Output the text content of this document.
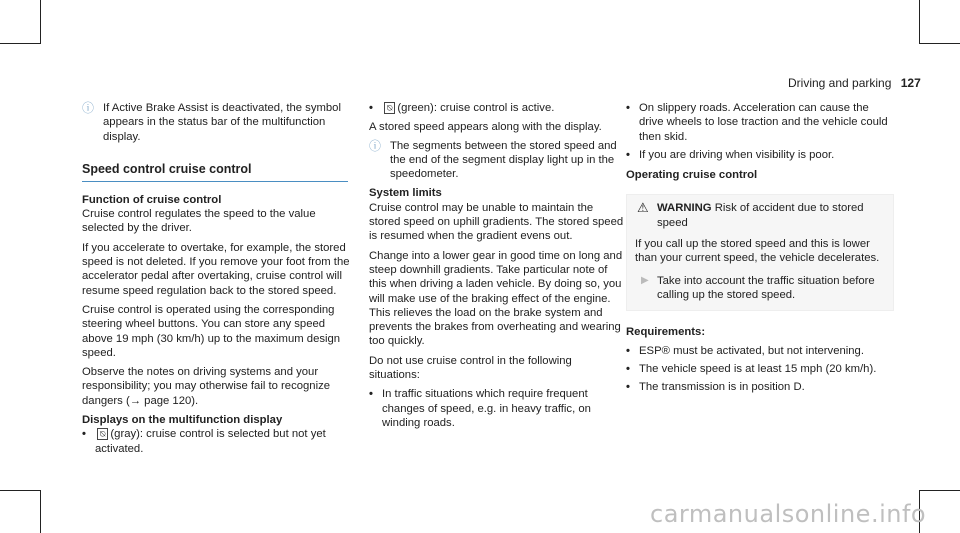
Driving and parking 127
ⓘ If Active Brake Assist is deactivated, the symbol appears in the status bar of the multifunction display.
Speed control cruise control
Function of cruise control

Cruise control regulates the speed to the value selected by the driver.

If you accelerate to overtake, for example, the stored speed is not deleted. If you remove your foot from the accelerator pedal after overtaking, cruise control will resume speed regulation back to the stored speed.

Cruise control is operated using the corresponding steering wheel buttons. You can store any speed above 19 mph (30 km/h) up to the maximum design speed.

Observe the notes on driving systems and your responsibility; you may otherwise fail to recognize dangers (→ page 120).

Displays on the multifunction display
• ⍉ (gray): cruise control is selected but not yet activated.
• ⍉ (green): cruise control is active.

A stored speed appears along with the display.

ⓘ The segments between the stored speed and the end of the segment display light up in the speedometer.
System limits

Cruise control may be unable to maintain the stored speed on uphill gradients. The stored speed is resumed when the gradient evens out.

Change into a lower gear in good time on long and steep downhill gradients. Take particular note of this when driving a laden vehicle. By doing so, you will make use of the braking effect of the engine. This relieves the load on the brake system and prevents the brakes from overheating and wearing too quickly.

Do not use cruise control in the following situations:

• In traffic situations which require frequent changes of speed, e.g. in heavy traffic, on winding roads.
• On slippery roads. Acceleration can cause the drive wheels to lose traction and the vehicle could then skid.
• If you are driving when visibility is poor.
Operating cruise control
⚠ WARNING Risk of accident due to stored speed

If you call up the stored speed and this is lower than your current speed, the vehicle decelerates.

▶ Take into account the traffic situation before calling up the stored speed.
Requirements:
• ESP® must be activated, but not intervening.
• The vehicle speed is at least 15 mph (20 km/h).
• The transmission is in position D.
carmanualsonline.info
